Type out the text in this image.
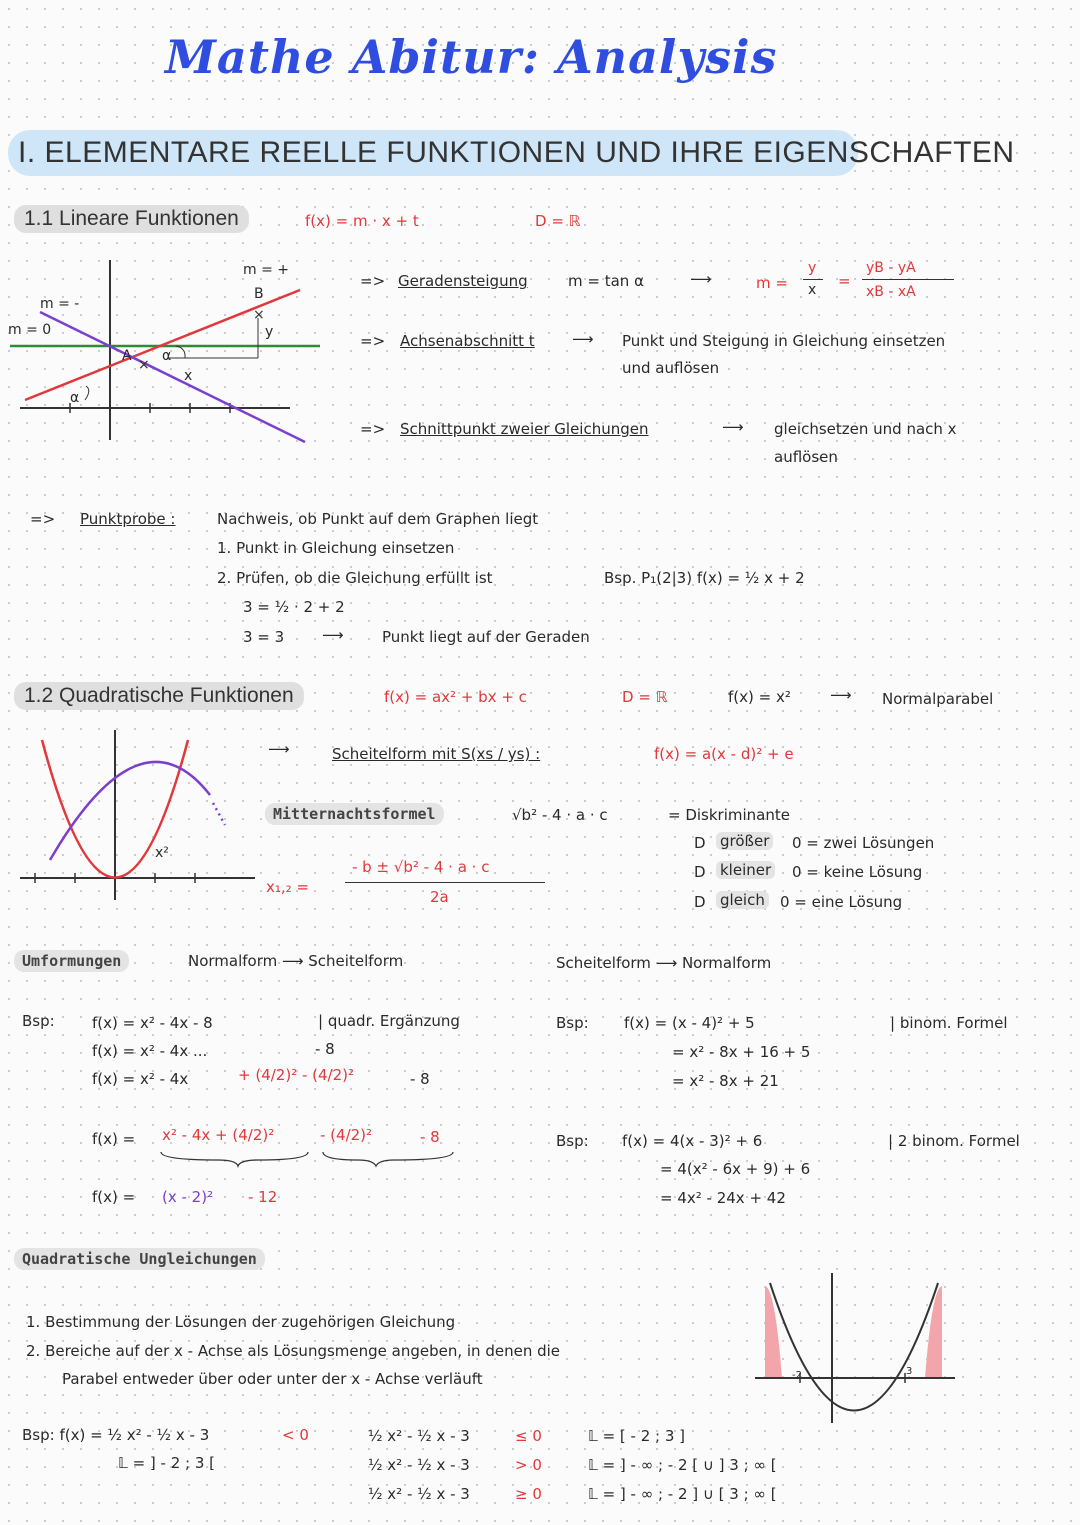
Mathe Abitur: Analysis
I. ELEMENTARE REELLE FUNKTIONEN UND IHRE EIGENSCHAFTEN
1.1 Lineare Funktionen	f(x) = m · x + t	D = ℝ
×
×
m = +
m = -
m = 0
B
A
x
y
α
α
=> Geradensteigung	m = tan α	⟶	m =
y
x =
yB - yA
xB - xA
=> Achsenabschnitt t ⟶ Punkt und Steigung in Gleichung einsetzen
und auflösen
=> Schnittpunkt zweier Gleichungen	⟶ gleichsetzen und nach x
auflösen
=> Punktprobe :	Nachweis, ob Punkt auf dem Graphen liegt
1. Punkt in Gleichung einsetzen
2. Prüfen, ob die Gleichung erfüllt ist	Bsp. P₁(2|3) f(x) = ½ x + 2
3 = ½ · 2 + 2
3 = 3	⟶	Punkt liegt auf der Geraden
1.2 Quadratische Funktionen	f(x) = ax² + bx + c	D = ℝ	f(x) = x²	⟶ Normalparabel
x²
⟶	Scheitelform mit S(xs / ys) :	f(x) = a(x - d)² + e
Mitternachtsformel	√b² - 4 · a · c	= Diskriminante
D größer 0 = zwei Lösungen
D kleiner 0 = keine Lösung
D gleich 0 = eine Lösung
x₁,₂ =
- b ± √b² - 4 · a · c
2a
Umformungen	Normalform ⟶ Scheitelform	Scheitelform ⟶ Normalform
Bsp: f(x) = x² - 4x - 8	| quadr. Ergänzung
f(x) = x² - 4x ...	- 8
f(x) = x² - 4x	+ (4/2)² - (4/2)²	- 8
f(x) = x² - 4x + (4/2)²	- (4/2)²	- 8
f(x) = (x - 2)² - 12
Bsp: f(x) = (x - 4)² + 5	| binom. Formel
= x² - 8x + 16 + 5
= x² - 8x + 21
Bsp: f(x) = 4(x - 3)² + 6	| 2 binom. Formel
= 4(x² - 6x + 9) + 6
= 4x² - 24x + 42
Quadratische Ungleichungen
1. Bestimmung der Lösungen der zugehörigen Gleichung
2. Bereiche auf der x - Achse als Lösungsmenge angeben, in denen die
Parabel entweder über oder unter der x - Achse verläuft	-2	3
Bsp: f(x) = ½ x² - ½ x - 3	< 0
𝕃 = ] - 2 ; 3 [
½ x² - ½ x - 3	≤ 0	𝕃 = [ - 2 ; 3 ]
½ x² - ½ x - 3	> 0	𝕃 = ] - ∞ ; - 2 [ ∪ ] 3 ; ∞ [
½ x² - ½ x - 3	≥ 0	𝕃 = ] - ∞ ; - 2 ] ∪ [ 3 ; ∞ [
